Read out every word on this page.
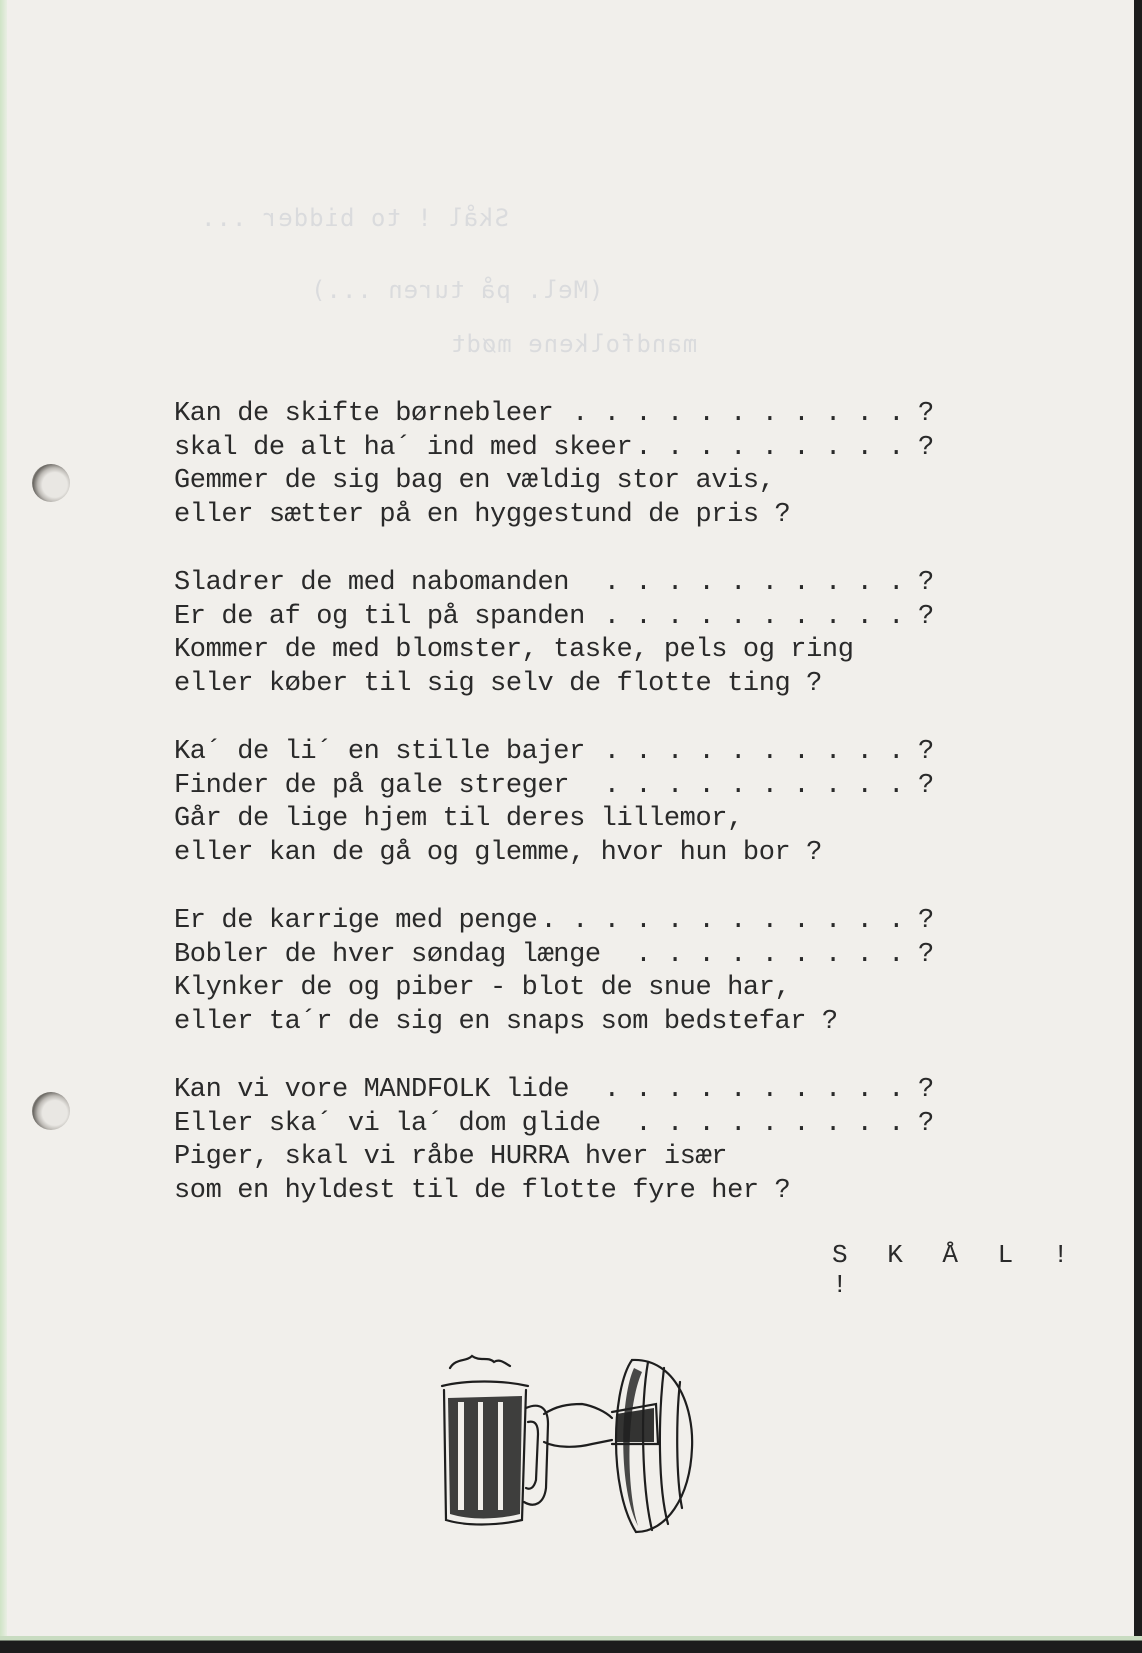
Skål ! to bidder ...
(Mel. på turen ...)
mandfolkene mødt
Kan de skifte børnebleer . . . . . . . . . . . ?
skal de alt ha´ ind med skeer . . . . . . . . . ?
Gemmer de sig bag en vældig stor avis,
eller sætter på en hyggestund de pris ?
Sladrer de med nabomanden . . . . . . . . . . ?
Er de af og til på spanden . . . . . . . . . . ?
Kommer de med blomster, taske, pels og ring
eller køber til sig selv de flotte ting ?
Ka´ de li´ en stille bajer . . . . . . . . . . ?
Finder de på gale streger . . . . . . . . . . ?
Går de lige hjem til deres lillemor,
eller kan de gå og glemme, hvor hun bor ?
Er de karrige med penge . . . . . . . . . . . . ?
Bobler de hver søndag længe . . . . . . . . . ?
Klynker de og piber - blot de snue har,
eller ta´r de sig en snaps som bedstefar ?
Kan vi vore MANDFOLK lide . . . . . . . . . . ?
Eller ska´ vi la´ dom glide . . . . . . . . . ?
Piger, skal vi råbe HURRA hver især
som en hyldest til de flotte fyre her ?
S K Å L ! !
